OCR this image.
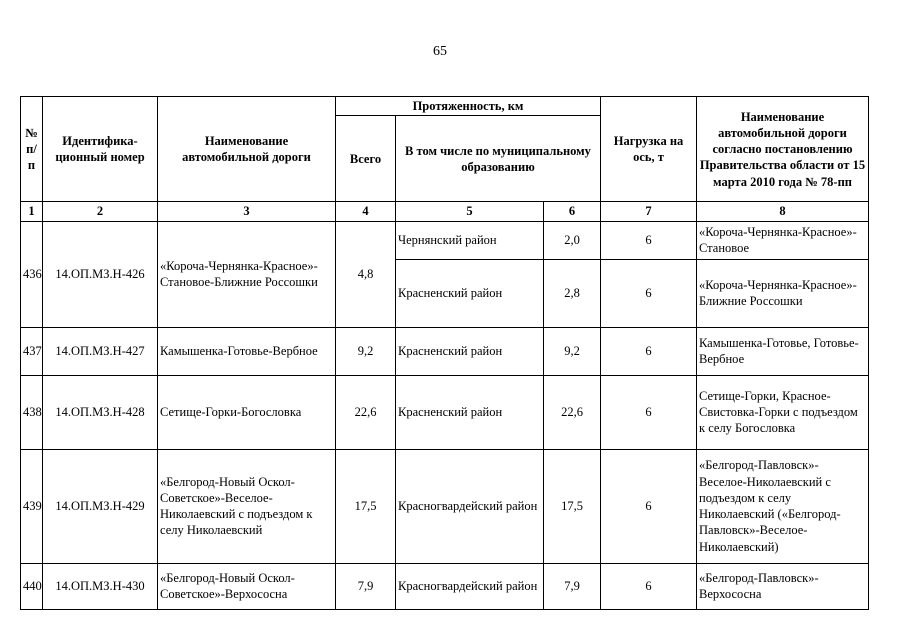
65
№ п/п	Идентифика-ционный номер	Наименование автомобильной дороги	Протяженность, км			Нагрузка на ось, т	Наименование автомобильной дороги согласно постановлению Правительства области от 15 марта 2010 года № 78-пп
			Всего	В том числе по муниципальному образованию			
1	2	3	4	5	6	7	8
436	14.ОП.МЗ.Н-426	«Короча-Чернянка-Красное»-Становое-Ближние Россошки	4,8	Чернянский район	2,0	6	«Короча-Чернянка-Красное»-Становое
				Красненский район	2,8	6	«Короча-Чернянка-Красное»-Ближние Россошки
437	14.ОП.МЗ.Н-427	Камышенка-Готовье-Вербное	9,2	Красненский район	9,2	6	Камышенка-Готовье, Готовье-Вербное
438	14.ОП.МЗ.Н-428	Сетище-Горки-Богословка	22,6	Красненский район	22,6	6	Сетище-Горки, Красное-Свистовка-Горки с подъездом к селу Богословка
439	14.ОП.МЗ.Н-429	«Белгород-Новый Оскол-Советское»-Веселое-Николаевский с подъездом к селу Николаевский	17,5	Красногвардейский район	17,5	6	«Белгород-Павловск»-Веселое-Николаевский с подъездом к селу Николаевский («Белгород-Павловск»-Веселое-Николаевский)
440	14.ОП.МЗ.Н-430	«Белгород-Новый Оскол-Советское»-Верхососна	7,9	Красногвардейский район	7,9	6	«Белгород-Павловск»-Верхососна
